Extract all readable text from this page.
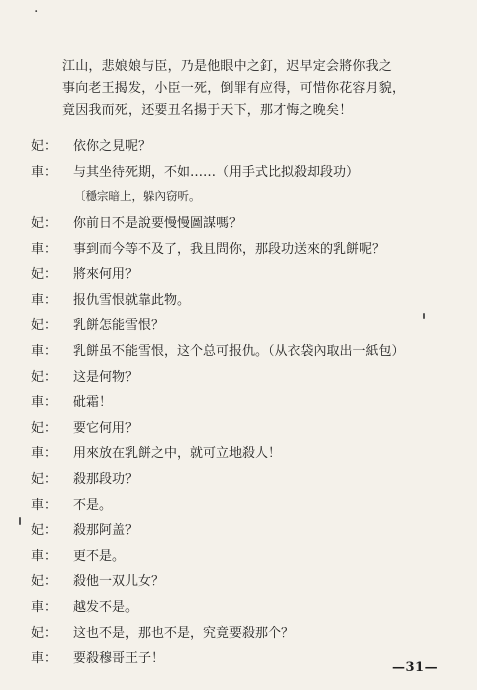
·
江山，悲娘娘与臣，乃是他眼中之釘，迟早定会將你我之
事向老王揭发，小臣一死，倒罪有应得，可惜你花容月貌，
竟因我而死，还要丑名揚于天下，那才悔之晚矣！
妃：	依你之見呢？
車：	与其坐待死期，不如……（用手式比拟殺却段功）
〔穩宗暗上，躲內窃听。
妃：	你前日不是說要慢慢圖謀嗎？
車：	事到而今等不及了，我且問你，那段功送來的乳餅呢？
妃：	將來何用？
車：	报仇雪恨就靠此物。
妃：	乳餅怎能雪恨？
車：	乳餅虽不能雪恨，这个总可报仇。（从衣袋內取出一紙包）
妃：	这是何物？
車：	砒霜！
妃：	要它何用？
車：	用來放在乳餅之中，就可立地殺人！
妃：	殺那段功？
車：	不是。
妃：	殺那阿盖？
車：	更不是。
妃：	殺他一双儿女？
車：	越发不是。
妃：	这也不是，那也不是，究竟要殺那个？
車：	要殺穆哥王子！
—31—
